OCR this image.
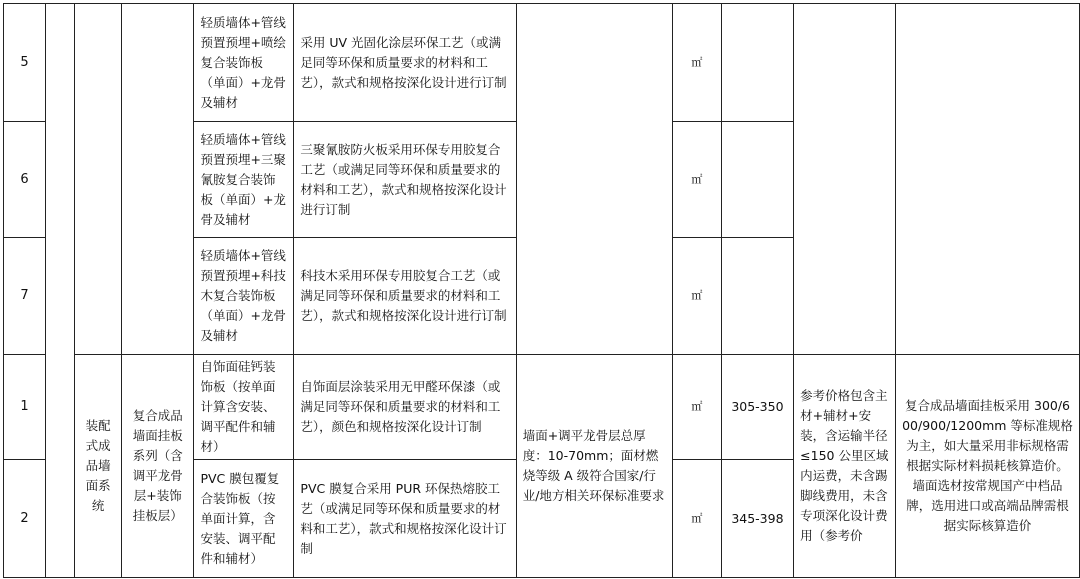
5				轻质墙体+管线预置预埋+喷绘复合装饰板（单面）+龙骨及辅材	采用 UV 光固化涂层环保工艺（或满足同等环保和质量要求的材料和工艺），款式和规格按深化设计进行订制		㎡			
6				轻质墙体+管线预置预埋+三聚氰胺复合装饰板（单面）+龙骨及辅材	三聚氰胺防火板采用环保专用胶复合工艺（或满足同等环保和质量要求的材料和工艺），款式和规格按深化设计进行订制		㎡			
7				轻质墙体+管线预置预埋+科技木复合装饰板（单面）+龙骨及辅材	科技木采用环保专用胶复合工艺（或满足同等环保和质量要求的材料和工艺），款式和规格按深化设计进行订制		㎡			
1		装配式成品墙面系统	复合成品墙面挂板系列（含调平龙骨层+装饰挂板层）	自饰面硅钙装饰板（按单面计算含安装、调平配件和辅材）	自饰面层涂装采用无甲醛环保漆（或满足同等环保和质量要求的材料和工艺），颜色和规格按深化设计订制	墙面+调平龙骨层总厚度：10-70mm；面材燃烧等级 A 级符合国家/行业/地方相关环保标准要求	㎡	305-350	参考价格包含主材+辅材+安装，含运输半径≤150 公里区域内运费，未含踢脚线费用，未含专项深化设计费用（参考价	复合成品墙面挂板采用 300/600/900/1200mm 等标准规格为主，如大量采用非标规格需根据实际材料损耗核算造价。墙面选材按常规国产中档品牌，选用进口或高端品牌需根据实际核算造价
2				PVC 膜包覆复合装饰板（按单面计算，含安装、调平配件和辅材）	PVC 膜复合采用 PUR 环保热熔胶工艺（或满足同等环保和质量要求的材料和工艺），款式和规格按深化设计订制		㎡	345-398		
